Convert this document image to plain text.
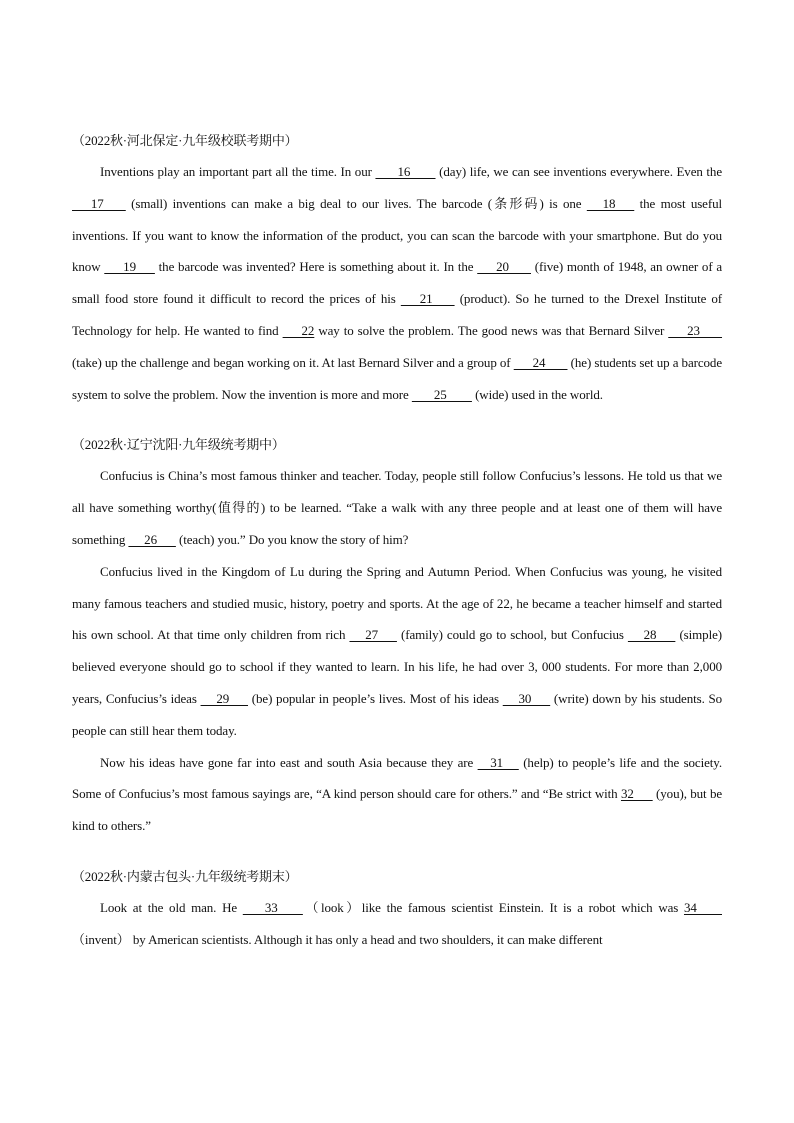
（2022秋·河北保定·九年级校联考期中）

Inventions play an important part all the time. In our        16         (day) life, we can see inventions everywhere. Even the       17        (small) inventions can make a big deal to our lives. The barcode (条形码) is one      18       the most useful inventions. If you want to know the information of the product, you can scan the barcode with your smartphone. But do you know       19       the barcode was invented? Here is something about it. In the       20        (five) month of 1948, an owner of a small food store found it difficult to record the prices of his       21        (product). So he turned to the Drexel Institute of Technology for help. He wanted to find       22 way to solve the problem. The good news was that Bernard Silver       23        (take) up the challenge and began working on it. At last Bernard Silver and a group of       24        (he) students set up a barcode system to solve the problem. Now the invention is more and more        25         (wide) used in the world.

（2022秋·辽宁沈阳·九年级统考期中）

Confucius is China’s most famous thinker and teacher. Today, people still follow Confucius’s lessons. He told us that we all have something worthy(值得的) to be learned. “Take a walk with any three people and at least one of them will have something      26       (teach) you.” Do you know the story of him?

Confucius lived in the Kingdom of Lu during the Spring and Autumn Period. When Confucius was young, he visited many famous teachers and studied music, history, poetry and sports. At the age of 22, he became a teacher himself and started his own school. At that time only children from rich      27       (family) could go to school, but Confucius      28       (simple) believed everyone should go to school if they wanted to learn. In his life, he had over 3, 000 students. For more than 2,000 years, Confucius’s ideas      29       (be) popular in people’s lives. Most of his ideas      30       (write) down by his students. So people can still hear them today.

Now his ideas have gone far into east and south Asia because they are     31      (help) to people’s life and the society. Some of Confucius’s most famous sayings are, “A kind person should care for others.” and “Be strict with 32       (you), but be kind to others.”

（2022秋·内蒙古包头·九年级统考期末）

Look at the old man. He        33        （look）like the famous scientist Einstein. It is a robot which was 34        （invent） by American scientists. Although it has only a head and two shoulders, it can make different
